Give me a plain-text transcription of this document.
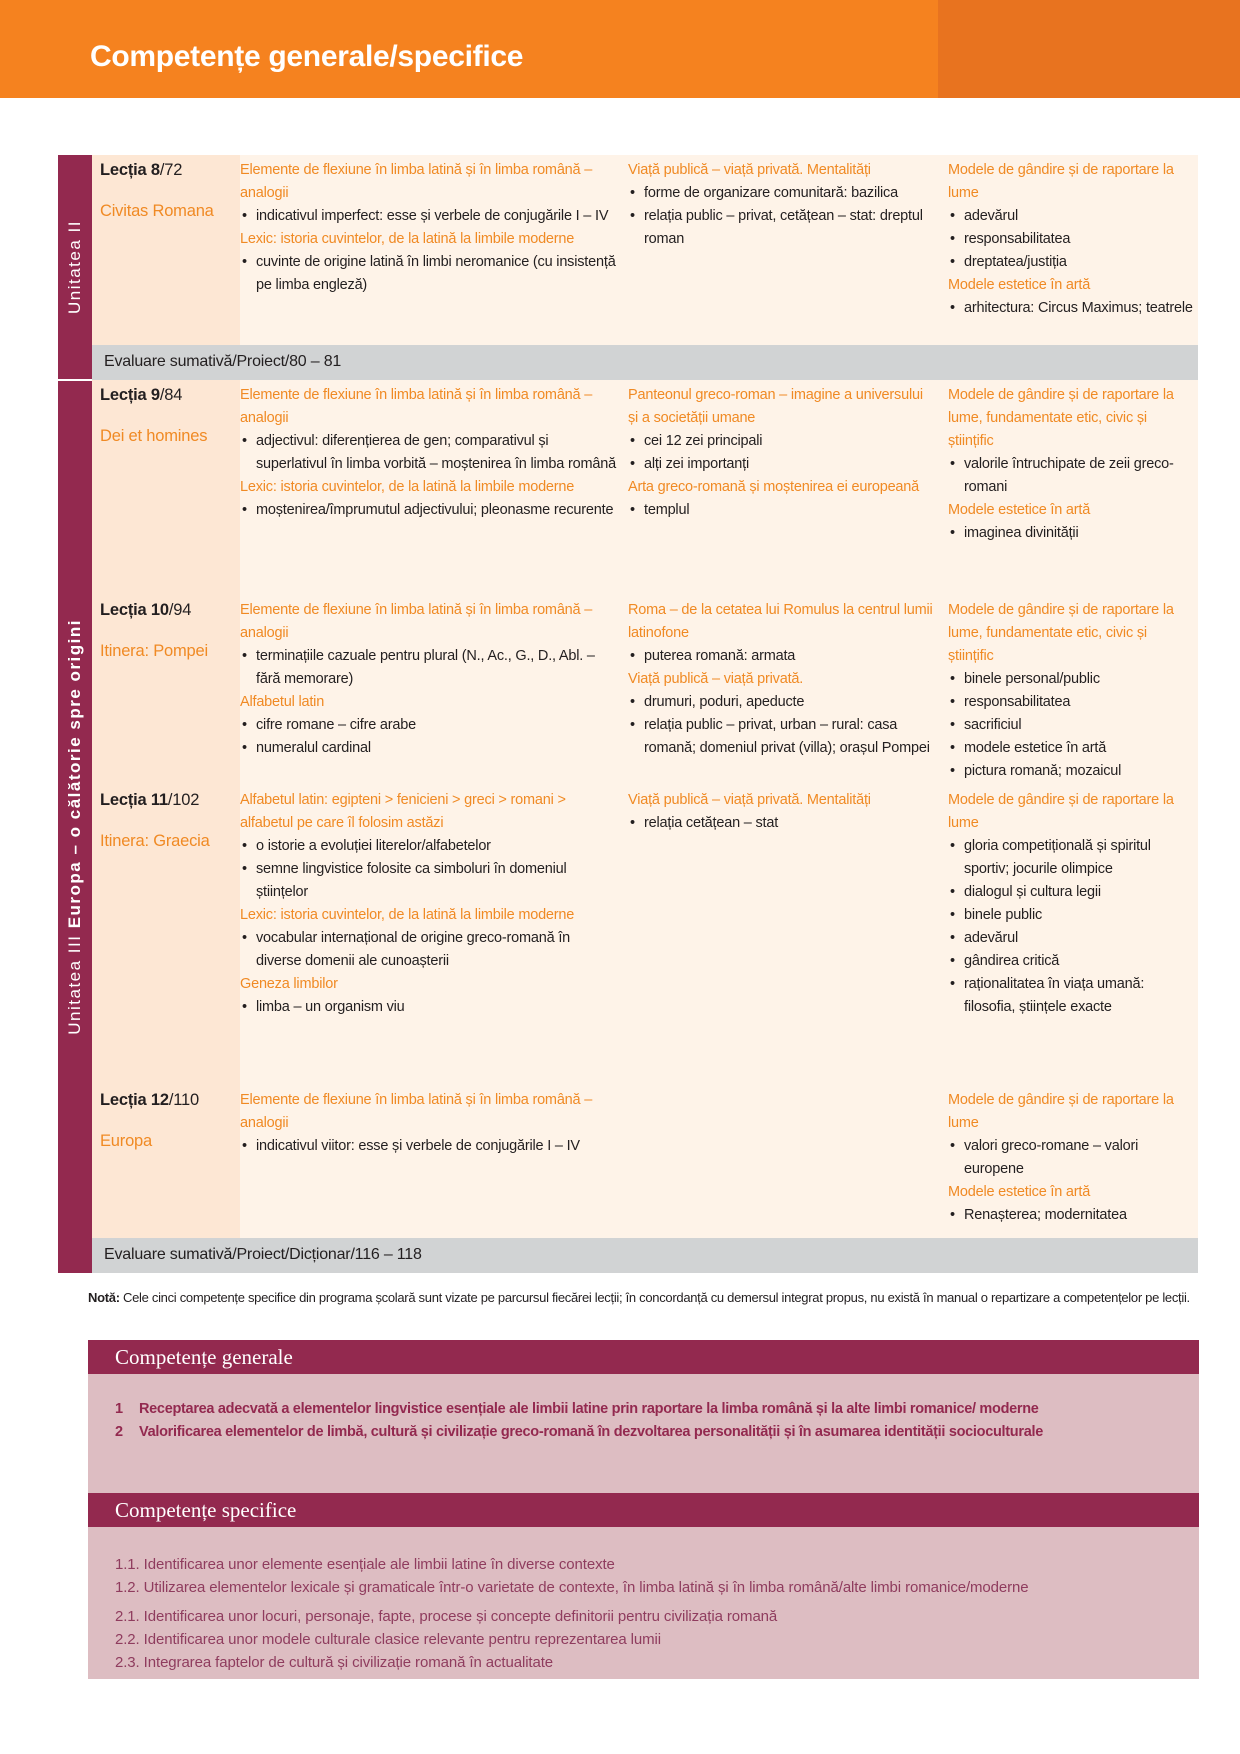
Competențe generale/specifice
Unitatea II
Unitatea III Europa – o călătorie spre origini
Lecția 8/72
Civitas Romana
Elemente de flexiune în limba latină și în limba română – analogii
• indicativul imperfect: esse și verbele de conjugările I – IV
Lexic: istoria cuvintelor, de la latină la limbile moderne
• cuvinte de origine latină în limbi neromanice (cu insistență pe limba engleză)
Viață publică – viață privată. Mentalități
• forme de organizare comunitară: bazilica
• relația public – privat, cetățean – stat: dreptul roman
Modele de gândire și de raportare la lume
• adevărul
• responsabilitatea
• dreptatea/justiția
Modele estetice în artă
• arhitectura: Circus Maximus; teatrele
Evaluare sumativă/Proiect/80 – 81
Lecția 9/84
Dei et homines
Elemente de flexiune în limba latină și în limba română – analogii
• adjectivul: diferențierea de gen; comparativul și superlativul în limba vorbită – moștenirea în limba română
Lexic: istoria cuvintelor, de la latină la limbile moderne
• moștenirea/împrumutul adjectivului; pleonasme recurente
Panteonul greco-roman – imagine a universului și a societății umane
• cei 12 zei principali
• alți zei importanți
Arta greco-romană și moștenirea ei europeană
• templul
Modele de gândire și de raportare la lume, fundamentate etic, civic și științific
• valorile întruchipate de zeii greco-romani
Modele estetice în artă
• imaginea divinității
Lecția 10/94
Itinera: Pompei
Elemente de flexiune în limba latină și în limba română – analogii
• terminațiile cazuale pentru plural (N., Ac., G., D., Abl. – fără memorare)
Alfabetul latin
• cifre romane – cifre arabe
• numeralul cardinal
Roma – de la cetatea lui Romulus la centrul lumii latinofone
• puterea romană: armata
Viață publică – viață privată.
• drumuri, poduri, apeducte
• relația public – privat, urban – rural: casa romană; domeniul privat (villa); orașul Pompei
Modele de gândire și de raportare la lume, fundamentate etic, civic și științific
• binele personal/public
• responsabilitatea
• sacrificiul
• modele estetice în artă
• pictura romană; mozaicul
Lecția 11/102
Itinera: Graecia
Alfabetul latin: egipteni > fenicieni > greci > romani > alfabetul pe care îl folosim astăzi
• o istorie a evoluției literelor/alfabetelor
• semne lingvistice folosite ca simboluri în domeniul științelor
Lexic: istoria cuvintelor, de la latină la limbile moderne
• vocabular internațional de origine greco-romană în diverse domenii ale cunoașterii
Geneza limbilor
• limba – un organism viu
Viață publică – viață privată. Mentalități
• relația cetățean – stat
Modele de gândire și de raportare la lume
• gloria competițională și spiritul sportiv; jocurile olimpice
• dialogul și cultura legii
• binele public
• adevărul
• gândirea critică
• raționalitatea în viața umană: filosofia, științele exacte
Lecția 12/110
Europa
Elemente de flexiune în limba latină și în limba română – analogii
• indicativul viitor: esse și verbele de conjugările I – IV
Modele de gândire și de raportare la lume
• valori greco-romane – valori europene
Modele estetice în artă
• Renașterea; modernitatea
Evaluare sumativă/Proiect/Dicționar/116 – 118
Notă: Cele cinci competențe specifice din programa școlară sunt vizate pe parcursul fiecărei lecții; în concordanță cu demersul integrat propus, nu există în manual o repartizare a competențelor pe lecții.
Competențe generale
1	Receptarea adecvată a elementelor lingvistice esențiale ale limbii latine prin raportare la limba română și la alte limbi romanice/ moderne
2	Valorificarea elementelor de limbă, cultură și civilizație greco-romană în dezvoltarea personalității și în asumarea identității socioculturale
Competențe specifice
1.1. Identificarea unor elemente esențiale ale limbii latine în diverse contexte
1.2. Utilizarea elementelor lexicale și gramaticale într-o varietate de contexte, în limba latină și în limba română/alte limbi romanice/moderne
2.1. Identificarea unor locuri, personaje, fapte, procese și concepte definitorii pentru civilizația romană
2.2. Identificarea unor modele culturale clasice relevante pentru reprezentarea lumii
2.3. Integrarea faptelor de cultură și civilizație romană în actualitate
